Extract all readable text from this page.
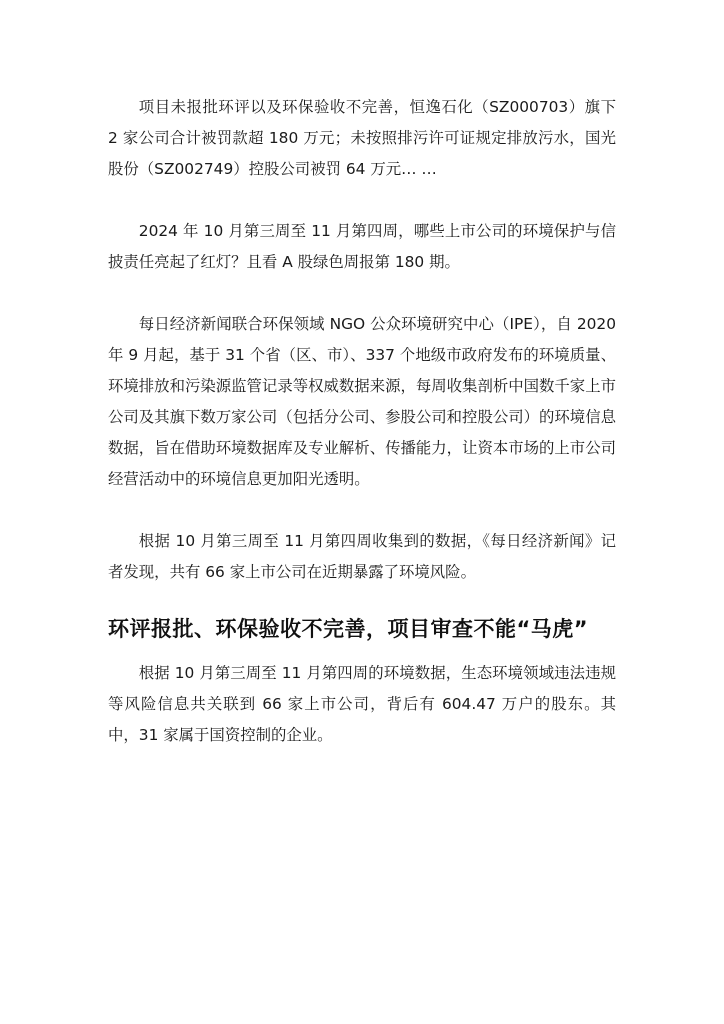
项目未报批环评以及环保验收不完善，恒逸石化（SZ000703）旗下 2 家公司合计被罚款超 180 万元；未按照排污许可证规定排放污水，国光股份（SZ002749）控股公司被罚 64 万元… …

2024 年 10 月第三周至 11 月第四周，哪些上市公司的环境保护与信披责任亮起了红灯？且看 A 股绿色周报第 180 期。

每日经济新闻联合环保领域 NGO 公众环境研究中心（IPE），自 2020 年 9 月起，基于 31 个省（区、市）、337 个地级市政府发布的环境质量、环境排放和污染源监管记录等权威数据来源，每周收集剖析中国数千家上市公司及其旗下数万家公司（包括分公司、参股公司和控股公司）的环境信息数据，旨在借助环境数据库及专业解析、传播能力，让资本市场的上市公司经营活动中的环境信息更加阳光透明。

根据 10 月第三周至 11 月第四周收集到的数据，《每日经济新闻》记者发现，共有 66 家上市公司在近期暴露了环境风险。

环评报批、环保验收不完善，项目审查不能“马虎”

根据 10 月第三周至 11 月第四周的环境数据，生态环境领域违法违规等风险信息共关联到 66 家上市公司，背后有 604.47 万户的股东。其中，31 家属于国资控制的企业。
